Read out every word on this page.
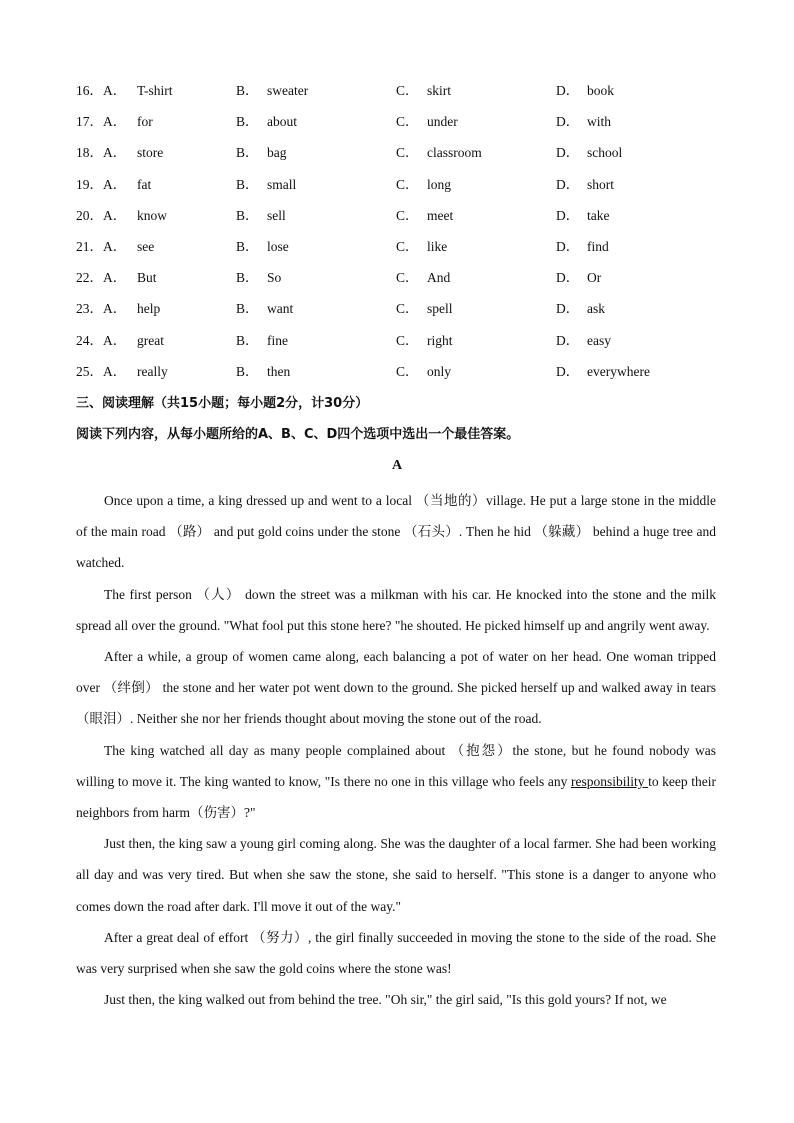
16．A． T-shirt	B． sweater	C． skirt	D． book
17．A． for	B． about	C． under	D． with
18．A． store	B． bag	C． classroom	D． school
19．A． fat	B． small	C． long	D． short
20．A． know	B． sell	C． meet	D． take
21．A． see	B． lose	C． like	D． find
22．A． But	B． So	C． And	D． Or
23．A． help	B． want	C． spell	D． ask
24．A． great	B． fine	C． right	D． easy
25．A． really	B． then	C． only	D． everywhere
三、阅读理解（共15小题；每小题2分，计30分）
阅读下列内容，从每小题所给的A、B、C、D四个选项中选出一个最佳答案。
A

Once upon a time, a king dressed up and went to a local （当地的）village. He put a large stone in the middle of the main road （路） and put gold coins under the stone （石头）. Then he hid （躲藏） behind a huge tree and watched.

The first person （人） down the street was a milkman with his car. He knocked into the stone and the milk spread all over the ground. "What fool put this stone here? "he shouted. He picked himself up and angrily went away.

After a while, a group of women came along, each balancing a pot of water on her head. One woman tripped over （绊倒） the stone and her water pot went down to the ground. She picked herself up and walked away in tears（眼泪）. Neither she nor her friends thought about moving the stone out of the road.

The king watched all day as many people complained about （抱怨）the stone, but he found nobody was willing to move it. The king wanted to know, "Is there no one in this village who feels any responsibility to keep their neighbors from harm（伤害）?"

Just then, the king saw a young girl coming along. She was the daughter of a local farmer. She had been working all day and was very tired. But when she saw the stone, she said to herself. "This stone is a danger to anyone who comes down the road after dark. I'll move it out of the way."

After a great deal of effort （努力）, the girl finally succeeded in moving the stone to the side of the road. She was very surprised when she saw the gold coins where the stone was!

Just then, the king walked out from behind the tree. "Oh sir," the girl said, "Is this gold yours? If not, we
